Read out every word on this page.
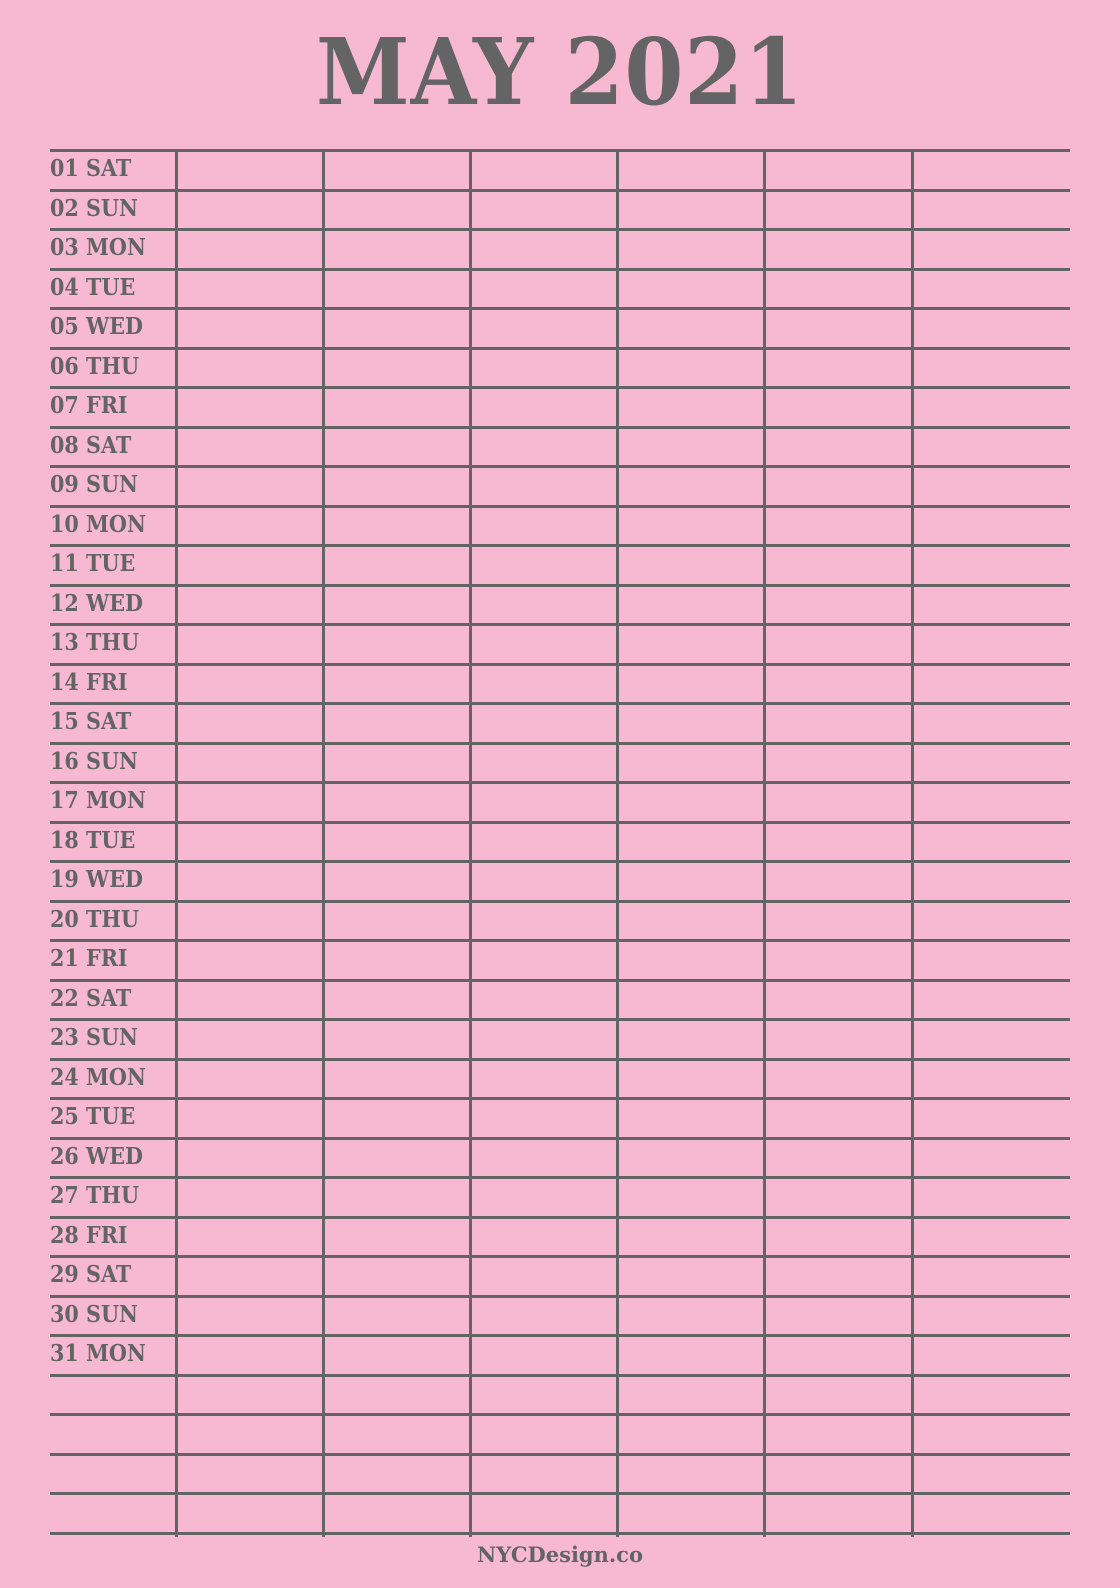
MAY 2021
01 SAT
02 SUN
03 MON
04 TUE
05 WED
06 THU
07 FRI
08 SAT
09 SUN
10 MON
11 TUE
12 WED
13 THU
14 FRI
15 SAT
16 SUN
17 MON
18 TUE
19 WED
20 THU
21 FRI
22 SAT
23 SUN
24 MON
25 TUE
26 WED
27 THU
28 FRI
29 SAT
30 SUN
31 MON
NYCDesign.co
